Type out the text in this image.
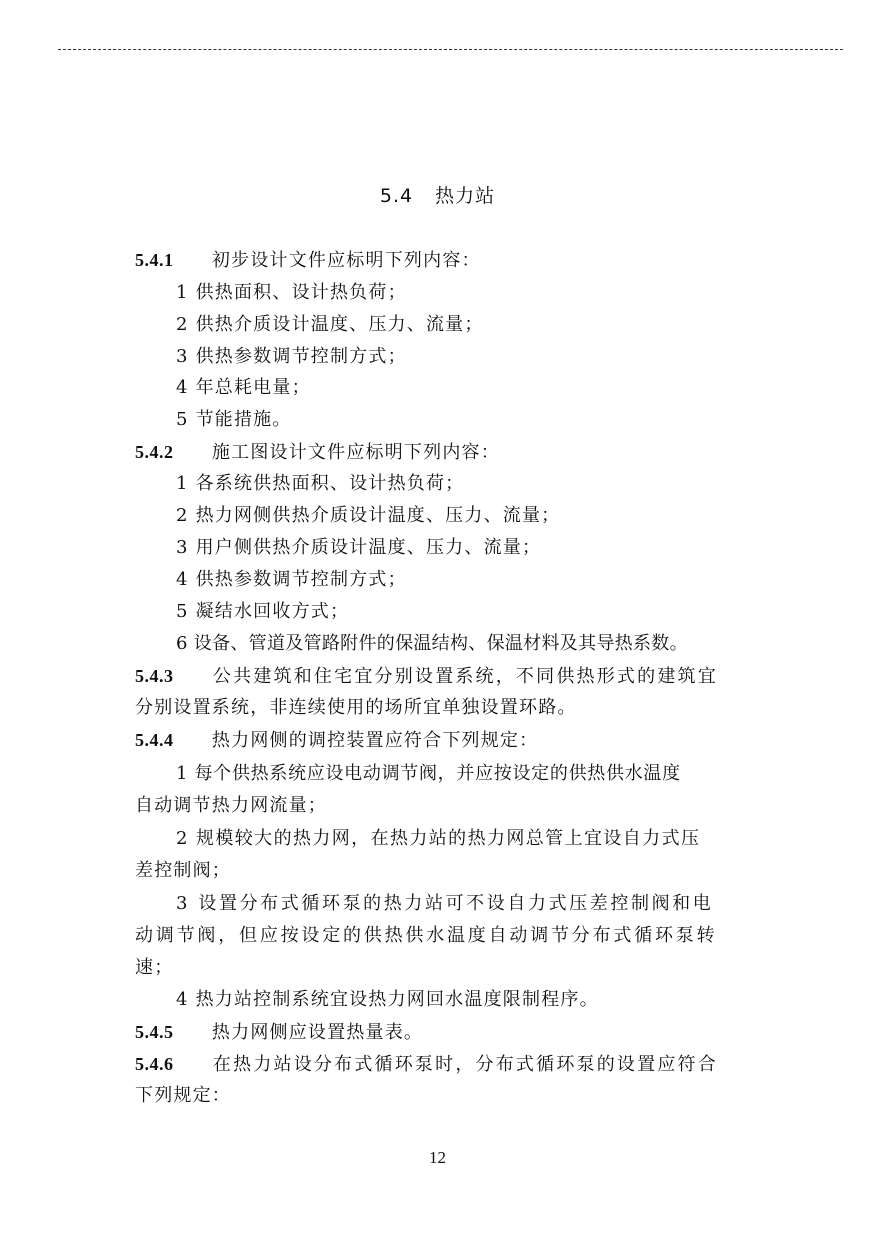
5.4 热力站
5.4.1 初步设计文件应标明下列内容：
1 供热面积、设计热负荷；
2 供热介质设计温度、压力、流量；
3 供热参数调节控制方式；
4 年总耗电量；
5 节能措施。
5.4.2 施工图设计文件应标明下列内容：
1 各系统供热面积、设计热负荷；
2 热力网侧供热介质设计温度、压力、流量；
3 用户侧供热介质设计温度、压力、流量；
4 供热参数调节控制方式；
5 凝结水回收方式；
6 设备、管道及管路附件的保温结构、保温材料及其导热系数。
5.4.3 公共建筑和住宅宜分别设置系统，不同供热形式的建筑宜
分别设置系统，非连续使用的场所宜单独设置环路。
5.4.4 热力网侧的调控装置应符合下列规定：
1 每个供热系统应设电动调节阀，并应按设定的供热供水温度
自动调节热力网流量；
2 规模较大的热力网，在热力站的热力网总管上宜设自力式压
差控制阀；
3 设置分布式循环泵的热力站可不设自力式压差控制阀和电
动调节阀，但应按设定的供热供水温度自动调节分布式循环泵转
速；
4 热力站控制系统宜设热力网回水温度限制程序。
5.4.5 热力网侧应设置热量表。
5.4.6 在热力站设分布式循环泵时，分布式循环泵的设置应符合
下列规定：
12
